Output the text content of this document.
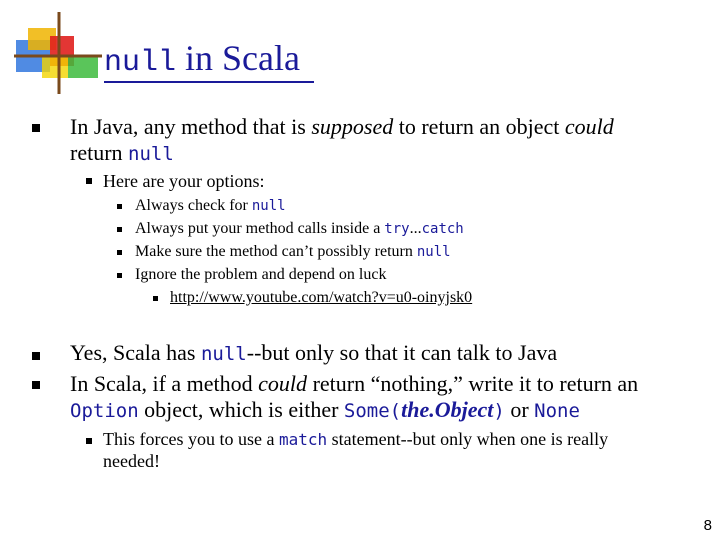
null in Scala
In Java, any method that is supposed to return an object could
return null
Here are your options:
Always check for null
Always put your method calls inside a try...catch
Make sure the method can’t possibly return null
Ignore the problem and depend on luck
http://www.youtube.com/watch?v=u0-oinyjsk0
Yes, Scala has null--but only so that it can talk to Java
In Scala, if a method could return “nothing,” write it to return an
Option object, which is either Some(the.Object) or None
This forces you to use a match statement--but only when one is really
needed!
8
